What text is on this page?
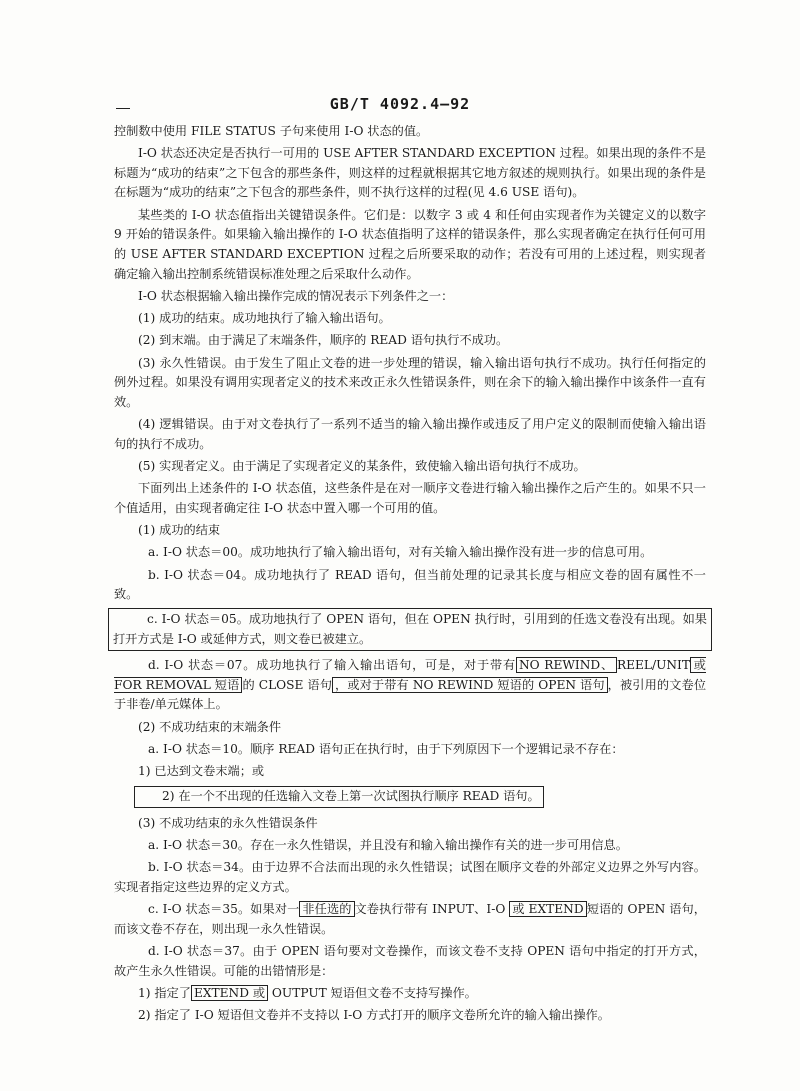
GB/T 4092.4—92

控制数中使用 FILE STATUS 子句来使用 I-O 状态的值。

I-O 状态还决定是否执行一可用的 USE AFTER STANDARD EXCEPTION 过程。如果出现的条件不是标题为“成功的结束”之下包含的那些条件，则这样的过程就根据其它地方叙述的规则执行。如果出现的条件是在标题为“成功的结束”之下包含的那些条件，则不执行这样的过程(见 4.6 USE 语句)。

某些类的 I-O 状态值指出关键错误条件。它们是：以数字 3 或 4 和任何由实现者作为关键定义的以数字 9 开始的错误条件。如果输入输出操作的 I-O 状态值指明了这样的错误条件，那么实现者确定在执行任何可用的 USE AFTER STANDARD EXCEPTION 过程之后所要采取的动作；若没有可用的上述过程，则实现者确定输入输出控制系统错误标准处理之后采取什么动作。

I-O 状态根据输入输出操作完成的情况表示下列条件之一：

(1) 成功的结束。成功地执行了输入输出语句。

(2) 到末端。由于满足了末端条件，顺序的 READ 语句执行不成功。

(3) 永久性错误。由于发生了阻止文卷的进一步处理的错误，输入输出语句执行不成功。执行任何指定的例外过程。如果没有调用实现者定义的技术来改正永久性错误条件，则在余下的输入输出操作中该条件一直有效。

(4) 逻辑错误。由于对文卷执行了一系列不适当的输入输出操作或违反了用户定义的限制而使输入输出语句的执行不成功。

(5) 实现者定义。由于满足了实现者定义的某条件，致使输入输出语句执行不成功。

下面列出上述条件的 I-O 状态值，这些条件是在对一顺序文卷进行输入输出操作之后产生的。如果不只一个值适用，由实现者确定往 I-O 状态中置入哪一个可用的值。

(1) 成功的结束

a. I-O 状态＝00。成功地执行了输入输出语句，对有关输入输出操作没有进一步的信息可用。

b. I-O 状态＝04。成功地执行了 READ 语句，但当前处理的记录其长度与相应文卷的固有属性不一致。

c. I-O 状态＝05。成功地执行了 OPEN 语句，但在 OPEN 执行时，引用到的任选文卷没有出现。如果打开方式是 I-O 或延伸方式，则文卷已被建立。

d. I-O 状态＝07。成功地执行了输入输出语句，可是，对于带有 NO REWIND、 REEL/UNIT 或 FOR REMOVAL 短语 的 CLOSE 语句 ，或对于带有 NO REWIND 短语的 OPEN 语句 ，被引用的文卷位于非卷/单元媒体上。

(2) 不成功结束的末端条件

a. I-O 状态＝10。顺序 READ 语句正在执行时，由于下列原因下一个逻辑记录不存在：

1) 已达到文卷末端；或

2) 在一个不出现的任选输入文卷上第一次试图执行顺序 READ 语句。

(3) 不成功结束的永久性错误条件

a. I-O 状态＝30。存在一永久性错误，并且没有和输入输出操作有关的进一步可用信息。

b. I-O 状态＝34。由于边界不合法而出现的永久性错误；试图在顺序文卷的外部定义边界之外写内容。实现者指定这些边界的定义方式。

c. I-O 状态＝35。如果对一 非任选的 文卷执行带有 INPUT、I-O 或 EXTEND 短语的 OPEN 语句，而该文卷不存在，则出现一永久性错误。

d. I-O 状态＝37。由于 OPEN 语句要对文卷操作，而该文卷不支持 OPEN 语句中指定的打开方式，故产生永久性错误。可能的出错情形是：

1) 指定了 EXTEND 或 OUTPUT 短语但文卷不支持写操作。

2) 指定了 I-O 短语但文卷并不支持以 I-O 方式打开的顺序文卷所允许的输入输出操作。
